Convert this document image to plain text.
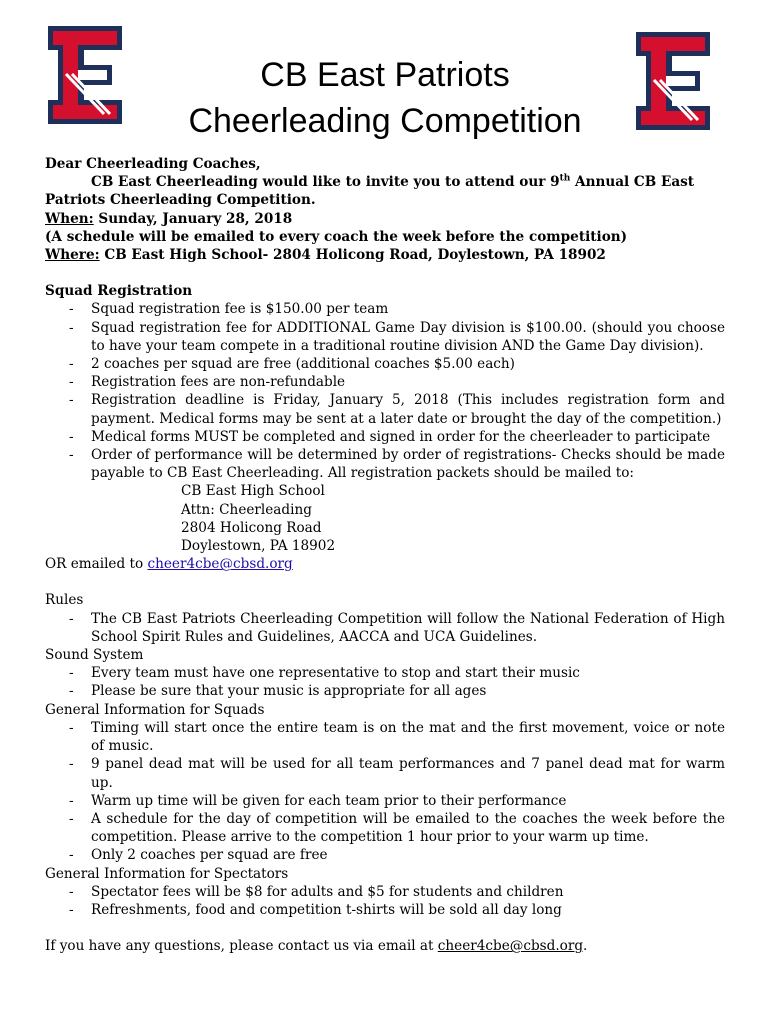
CB East Patriots
Cheerleading Competition
Dear Cheerleading Coaches,
CB East Cheerleading would like to invite you to attend our 9th Annual CB East Patriots Cheerleading Competition.
When: Sunday, January 28, 2018
(A schedule will be emailed to every coach the week before the competition)
Where: CB East High School- 2804 Holicong Road, Doylestown, PA 18902
Squad Registration
- Squad registration fee is $150.00 per team
- Squad registration fee for ADDITIONAL Game Day division is $100.00. (should you choose to have your team compete in a traditional routine division AND the Game Day division).
- 2 coaches per squad are free (additional coaches $5.00 each)
- Registration fees are non-refundable
- Registration deadline is Friday, January 5, 2018 (This includes registration form and payment. Medical forms may be sent at a later date or brought the day of the competition.)
- Medical forms MUST be completed and signed in order for the cheerleader to participate
- Order of performance will be determined by order of registrations- Checks should be made payable to CB East Cheerleading. All registration packets should be mailed to:
CB East High School
Attn: Cheerleading
2804 Holicong Road
Doylestown, PA 18902
OR emailed to cheer4cbe@cbsd.org
Rules
- The CB East Patriots Cheerleading Competition will follow the National Federation of High School Spirit Rules and Guidelines, AACCA and UCA Guidelines.
Sound System
- Every team must have one representative to stop and start their music
- Please be sure that your music is appropriate for all ages
General Information for Squads
- Timing will start once the entire team is on the mat and the first movement, voice or note of music.
- 9 panel dead mat will be used for all team performances and 7 panel dead mat for warm up.
- Warm up time will be given for each team prior to their performance
- A schedule for the day of competition will be emailed to the coaches the week before the competition. Please arrive to the competition 1 hour prior to your warm up time.
- Only 2 coaches per squad are free
General Information for Spectators
- Spectator fees will be $8 for adults and $5 for students and children
- Refreshments, food and competition t-shirts will be sold all day long
If you have any questions, please contact us via email at cheer4cbe@cbsd.org.
